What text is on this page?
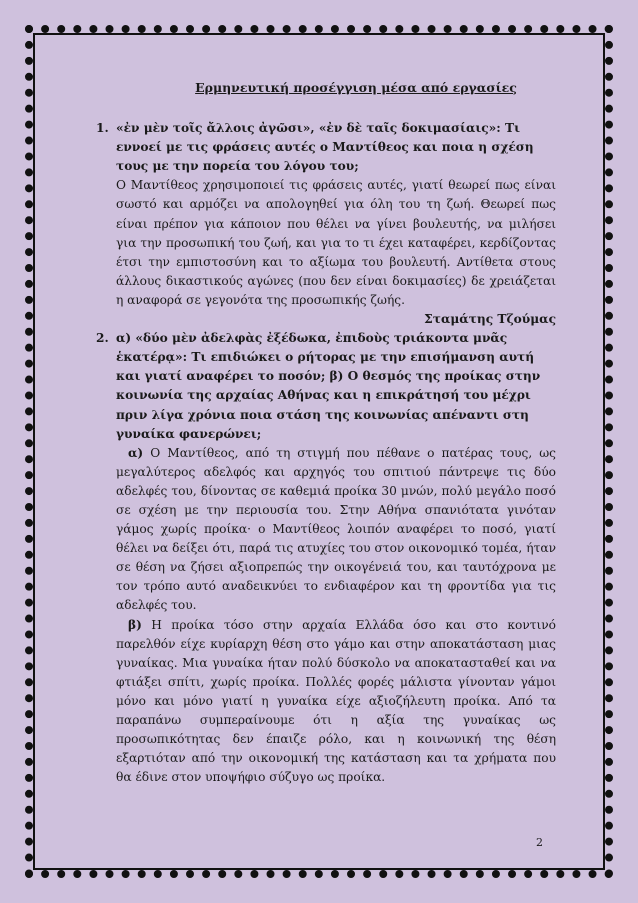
Ερμηνευτική προσέγγιση μέσα από εργασίες

1. «ἐν μὲν τοῖς ἄλλοις ἀγῶσι», «ἐν δὲ ταῖς δοκιμασίαις»: Τι εννοεί με τις φράσεις αυτές ο Μαντίθεος και ποια η σχέση τους με την πορεία του λόγου του;

Ο Μαντίθεος χρησιμοποιεί τις φράσεις αυτές, γιατί θεωρεί πως είναι σωστό και αρμόζει να απολογηθεί για όλη του τη ζωή. Θεωρεί πως είναι πρέπον για κάποιον που θέλει να γίνει βουλευτής, να μιλήσει για την προσωπική του ζωή, και για το τι έχει καταφέρει, κερδίζοντας έτσι την εμπιστοσύνη και το αξίωμα του βουλευτή. Αντίθετα στους άλλους δικαστικούς αγώνες (που δεν είναι δοκιμασίες) δε χρειάζεται η αναφορά σε γεγονότα της προσωπικής ζωής.

Σταμάτης Τζούμας

2. α) «δύο μὲν ἀδελφὰς ἐξέδωκα, ἐπιδοὺς τριάκοντα μνᾶς ἑκατέρᾳ»: Τι επιδιώκει ο ρήτορας με την επισήμανση αυτή και γιατί αναφέρει το ποσόν; β) Ο θεσμός της προίκας στην κοινωνία της αρχαίας Αθήνας και η επικράτησή του μέχρι πριν λίγα χρόνια ποια στάση της κοινωνίας απέναντι στη γυναίκα φανερώνει;

α) Ο Μαντίθεος, από τη στιγμή που πέθανε ο πατέρας τους, ως μεγαλύτερος αδελφός και αρχηγός του σπιτιού πάντρεψε τις δύο αδελφές του, δίνοντας σε καθεμιά προίκα 30 μνών, πολύ μεγάλο ποσό σε σχέση με την περιουσία του. Στην Αθήνα σπανιότατα γινόταν γάμος χωρίς προίκα· ο Μαντίθεος λοιπόν αναφέρει το ποσό, γιατί θέλει να δείξει ότι, παρά τις ατυχίες του στον οικονομικό τομέα, ήταν σε θέση να ζήσει αξιοπρεπώς την οικογένειά του, και ταυτόχρονα με τον τρόπο αυτό αναδεικνύει το ενδιαφέρον και τη φροντίδα για τις αδελφές του.

β) Η προίκα τόσο στην αρχαία Ελλάδα όσο και στο κοντινό παρελθόν είχε κυρίαρχη θέση στο γάμο και στην αποκατάσταση μιας γυναίκας. Μια γυναίκα ήταν πολύ δύσκολο να αποκατασταθεί και να φτιάξει σπίτι, χωρίς προίκα. Πολλές φορές μάλιστα γίνονταν γάμοι μόνο και μόνο γιατί η γυναίκα είχε αξιοζήλευτη προίκα. Από τα παραπάνω συμπεραίνουμε ότι η αξία της γυναίκας ως προσωπικότητας δεν έπαιζε ρόλο, και η κοινωνική της θέση εξαρτιόταν από την οικονομική της κατάσταση και τα χρήματα που θα έδινε στον υποψήφιο σύζυγο ως προίκα.

2
